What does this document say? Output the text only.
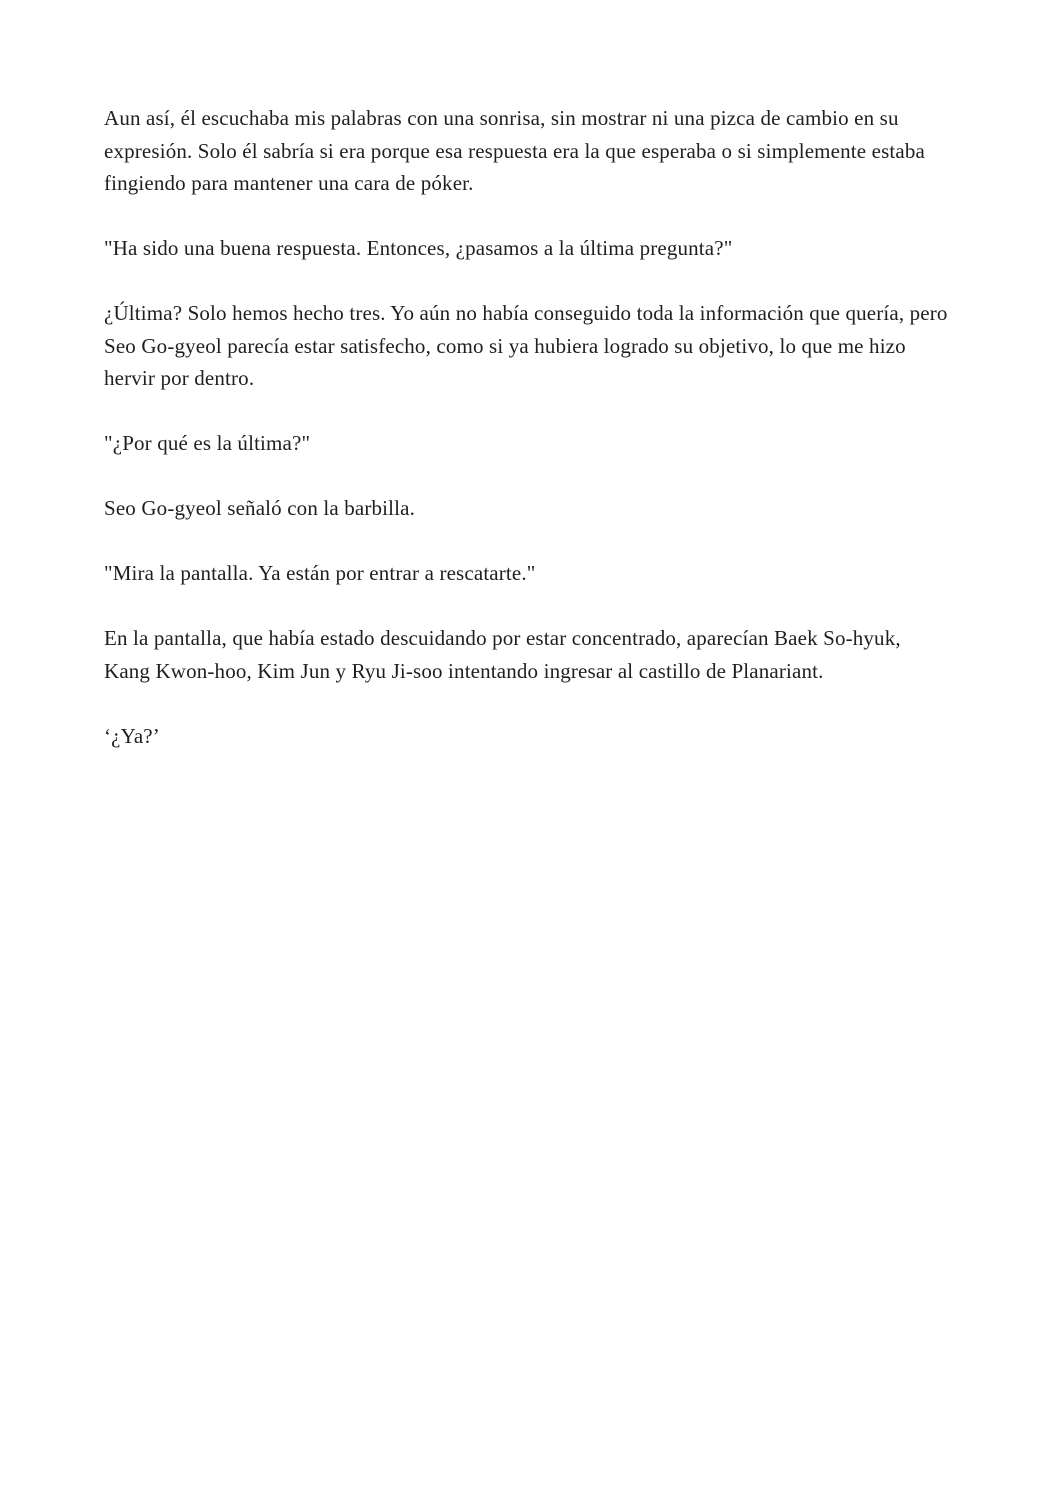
Aun así, él escuchaba mis palabras con una sonrisa, sin mostrar ni una pizca de cambio en su expresión. Solo él sabría si era porque esa respuesta era la que esperaba o si simplemente estaba fingiendo para mantener una cara de póker.

"Ha sido una buena respuesta. Entonces, ¿pasamos a la última pregunta?"

¿Última? Solo hemos hecho tres. Yo aún no había conseguido toda la información que quería, pero Seo Go-gyeol parecía estar satisfecho, como si ya hubiera logrado su objetivo, lo que me hizo hervir por dentro.

"¿Por qué es la última?"

Seo Go-gyeol señaló con la barbilla.

"Mira la pantalla. Ya están por entrar a rescatarte."

En la pantalla, que había estado descuidando por estar concentrado, aparecían Baek So-hyuk, Kang Kwon-hoo, Kim Jun y Ryu Ji-soo intentando ingresar al castillo de Planariant.

‘¿Ya?’
